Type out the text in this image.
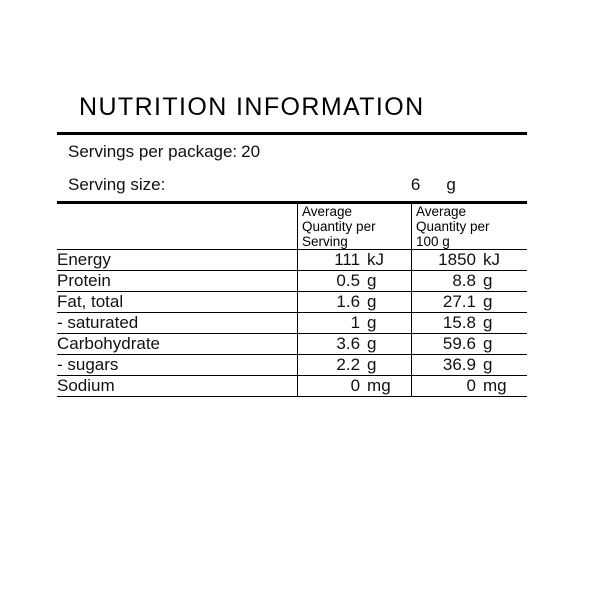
NUTRITION INFORMATION
Servings per package: 20
Serving size:	6	g

	Average
Quantity per
Serving	Average
Quantity per
100 g

Energy	111 kJ	1850 kJ
Protein	0.5 g	8.8 g
Fat, total	1.6 g	27.1 g
- saturated	1 g	15.8 g
Carbohydrate	3.6 g	59.6 g
- sugars	2.2 g	36.9 g
Sodium	0 mg	0 mg
